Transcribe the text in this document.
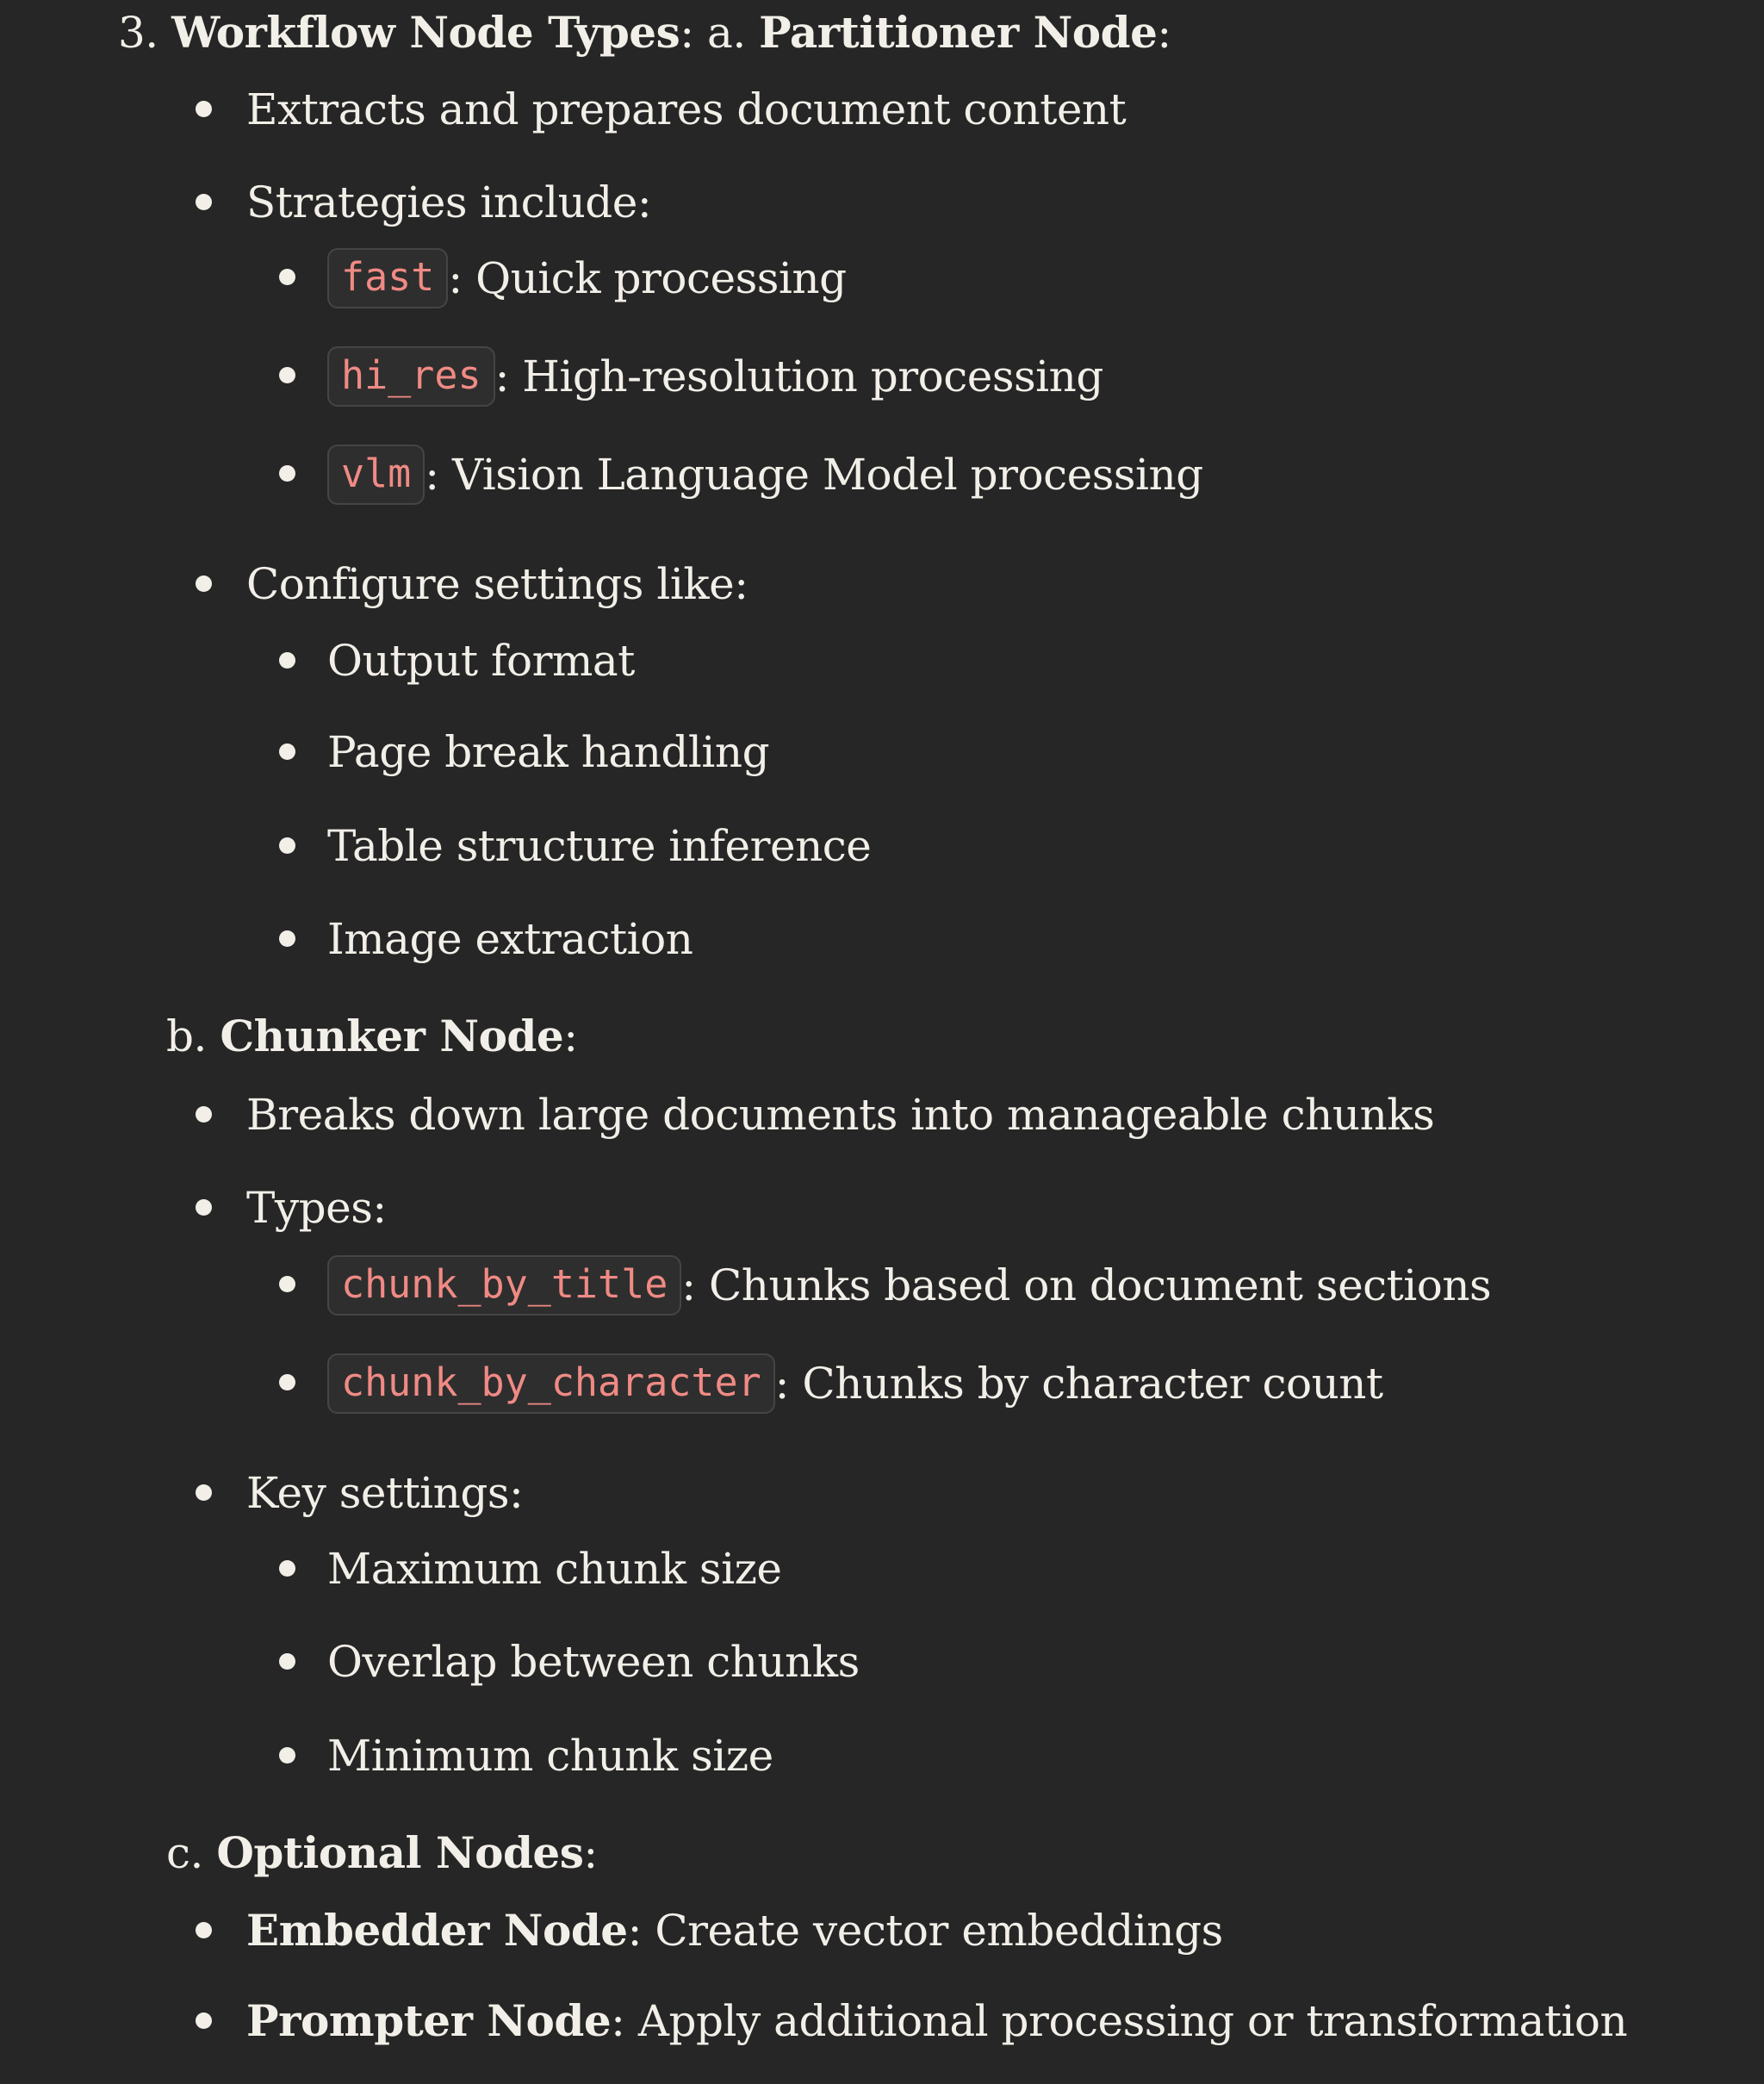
3. Workflow Node Types: a. Partitioner Node:
Extracts and prepares document content
Strategies include:
fast : Quick processing
hi_res : High-resolution processing
vlm : Vision Language Model processing
Configure settings like:
Output format
Page break handling
Table structure inference
Image extraction
b. Chunker Node:
Breaks down large documents into manageable chunks
Types:
chunk_by_title : Chunks based on document sections
chunk_by_character : Chunks by character count
Key settings:
Maximum chunk size
Overlap between chunks
Minimum chunk size
c. Optional Nodes:
Embedder Node: Create vector embeddings
Prompter Node: Apply additional processing or transformation
